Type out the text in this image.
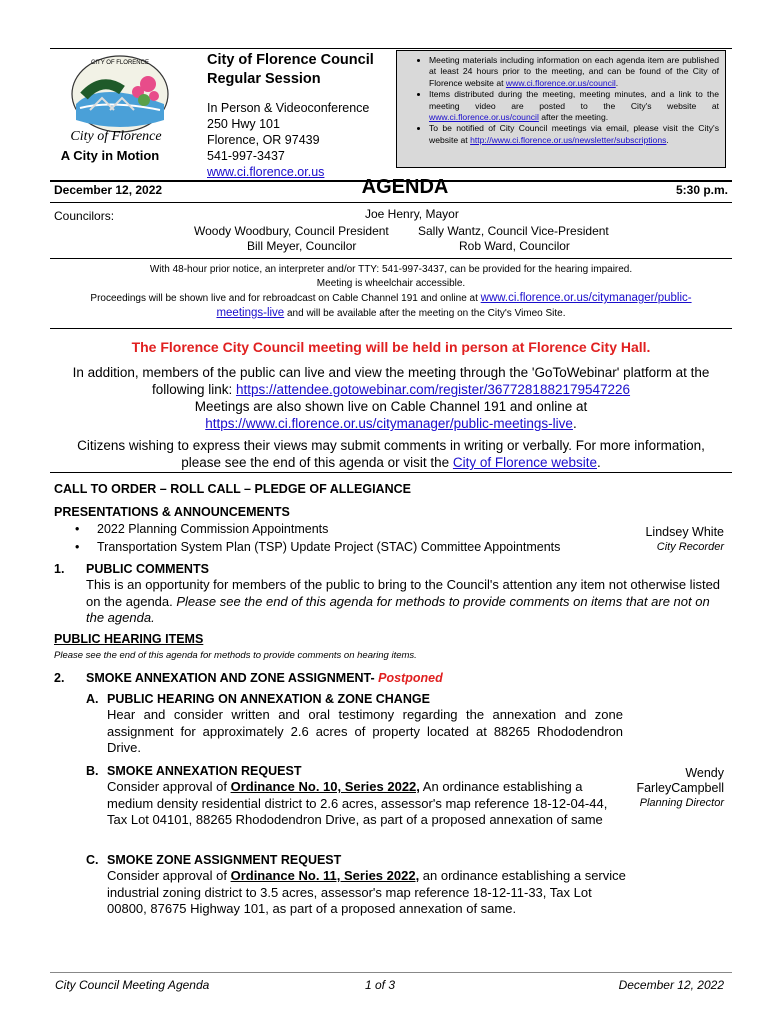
CITY OF FLORENCE
City of Florence
A City in Motion
City of Florence Council
Regular Session
In Person & Videoconference
250 Hwy 101
Florence, OR 97439
541-997-3437
www.ci.florence.or.us
• Meeting materials including information on each agenda item are published at least 24 hours prior to the meeting, and can be found of the City of Florence website at www.ci.florence.or.us/council.
• Items distributed during the meeting, meeting minutes, and a link to the meeting video are posted to the City's website at www.ci.florence.or.us/council after the meeting.
• To be notified of City Council meetings via email, please visit the City's website at http://www.ci.florence.or.us/newsletter/subscriptions.
December 12, 2022	AGENDA	5:30 p.m.
Councilors:	Joe Henry, Mayor
Woody Woodbury, Council President Sally Wantz, Council Vice-President
Bill Meyer, Councilor	Rob Ward, Councilor
With 48-hour prior notice, an interpreter and/or TTY: 541-997-3437, can be provided for the hearing impaired.
Meeting is wheelchair accessible.
Proceedings will be shown live and for rebroadcast on Cable Channel 191 and online at www.ci.florence.or.us/citymanager/public-
meetings-live and will be available after the meeting on the City's Vimeo Site.
The Florence City Council meeting will be held in person at Florence City Hall.
In addition, members of the public can live and view the meeting through the 'GoToWebinar' platform at the
following link: https://attendee.gotowebinar.com/register/3677281882179547226
Meetings are also shown live on Cable Channel 191 and online at
https://www.ci.florence.or.us/citymanager/public-meetings-live.
Citizens wishing to express their views may submit comments in writing or verbally. For more information,
please see the end of this agenda or visit the City of Florence website.
CALL TO ORDER – ROLL CALL – PLEDGE OF ALLEGIANCE
PRESENTATIONS & ANNOUNCEMENTS
• 2022 Planning Commission Appointments
• Transportation System Plan (TSP) Update Project (STAC) Committee Appointments
Lindsey White
City Recorder
1. PUBLIC COMMENTS
This is an opportunity for members of the public to bring to the Council's attention any item not otherwise listed on the agenda. Please see the end of this agenda for methods to provide comments on items that are not on the agenda.
PUBLIC HEARING ITEMS
Please see the end of this agenda for methods to provide comments on hearing items.
2. SMOKE ANNEXATION AND ZONE ASSIGNMENT- Postponed
A. PUBLIC HEARING ON ANNEXATION & ZONE CHANGE
Hear and consider written and oral testimony regarding the annexation and zone assignment for approximately 2.6 acres of property located at 88265 Rhododendron Drive.
B. SMOKE ANNEXATION REQUEST
Consider approval of Ordinance No. 10, Series 2022, An ordinance establishing a medium density residential district to 2.6 acres, assessor's map reference 18-12-04-44, Tax Lot 04101, 88265 Rhododendron Drive, as part of a proposed annexation of same
Wendy
FarleyCampbell
Planning Director
C. SMOKE ZONE ASSIGNMENT REQUEST
Consider approval of Ordinance No. 11, Series 2022, an ordinance establishing a service industrial zoning district to 3.5 acres, assessor's map reference 18-12-11-33, Tax Lot 00800, 87675 Highway 101, as part of a proposed annexation of same.
City Council Meeting Agenda	1 of 3	December 12, 2022
